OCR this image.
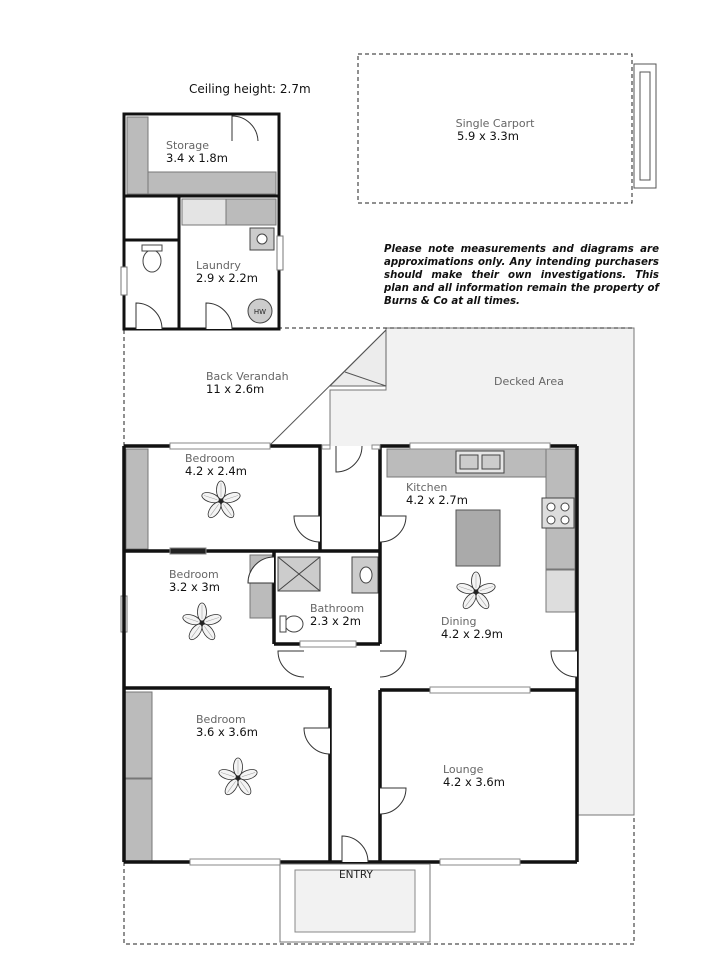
Ceiling height: 2.7m
Please note measurements and diagrams are approximations only. Any intending purchasers should make their own investigations. This plan and all information remain the property of Burns & Co at all times.
Single Carport
5.9 x 3.3m
Storage
3.4 x 1.8m
HW
Laundry
2.9 x 2.2m
Back Verandah
11 x 2.6m
Decked Area
Bedroom
4.2 x 2.4m
Bedroom
3.2 x 3m
Bathroom
2.3 x 2m
Kitchen
4.2 x 2.7m
Dining
4.2 x 2.9m
Bedroom
3.6 x 3.6m
Lounge
4.2 x 3.6m
ENTRY
